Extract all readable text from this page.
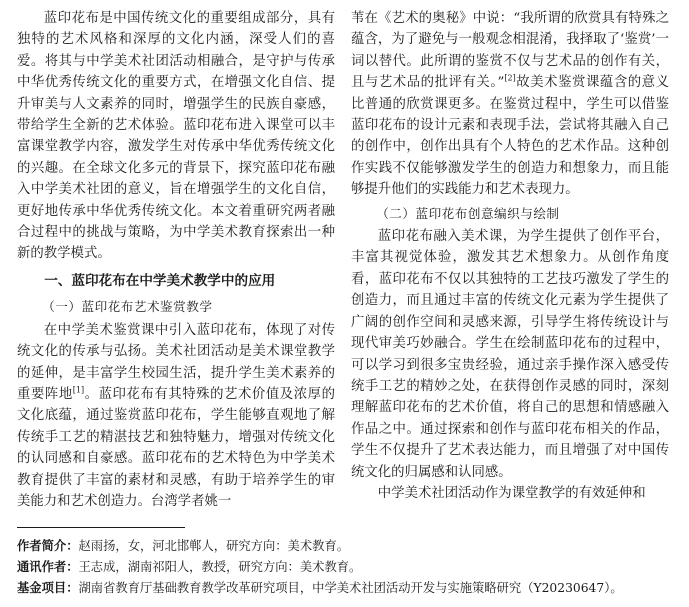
蓝印花布是中国传统文化的重要组成部分，具有独特的艺术风格和深厚的文化内涵，深受人们的喜爱。将其与中学美术社团活动相融合，是守护与传承中华优秀传统文化的重要方式，在增强文化自信、提升审美与人文素养的同时，增强学生的民族自豪感，带给学生全新的艺术体验。蓝印花布进入课堂可以丰富课堂教学内容，激发学生对传承中华优秀传统文化的兴趣。在全球文化多元的背景下，探究蓝印花布融入中学美术社团的意义，旨在增强学生的文化自信，更好地传承中华优秀传统文化。本文着重研究两者融合过程中的挑战与策略，为中学美术教育探索出一种新的教学模式。

一、蓝印花布在中学美术教学中的应用
（一）蓝印花布艺术鉴赏教学

在中学美术鉴赏课中引入蓝印花布，体现了对传统文化的传承与弘扬。美术社团活动是美术课堂教学的延伸，是丰富学生校园生活，提升学生美术素养的重要阵地[1]。蓝印花布有其特殊的艺术价值及浓厚的文化底蕴，通过鉴赏蓝印花布，学生能够直观地了解传统手工艺的精湛技艺和独特魅力，增强对传统文化的认同感和自豪感。蓝印花布的艺术特色为中学美术教育提供了丰富的素材和灵感，有助于培养学生的审美能力和艺术创造力。台湾学者姚一

苇在《艺术的奥秘》中说：“我所谓的欣赏具有特殊之蕴含，为了避免与一般观念相混淆，我择取了‘鉴赏’一词以替代。此所谓的鉴赏不仅与艺术品的创作有关，且与艺术品的批评有关。”[2]故美术鉴赏课蕴含的意义比普通的欣赏课更多。在鉴赏过程中，学生可以借鉴蓝印花布的设计元素和表现手法，尝试将其融入自己的创作中，创作出具有个人特色的艺术作品。这种创作实践不仅能够激发学生的创造力和想象力，而且能够提升他们的实践能力和艺术表现力。

（二）蓝印花布创意编织与绘制

蓝印花布融入美术课，为学生提供了创作平台，丰富其视觉体验，激发其艺术想象力。从创作角度看，蓝印花布不仅以其独特的工艺技巧激发了学生的创造力，而且通过丰富的传统文化元素为学生提供了广阔的创作空间和灵感来源，引导学生将传统设计与现代审美巧妙融合。学生在绘制蓝印花布的过程中，可以学习到很多宝贵经验，通过亲手操作深入感受传统手工艺的精妙之处，在获得创作灵感的同时，深刻理解蓝印花布的艺术价值，将自己的思想和情感融入作品之中。通过探索和创作与蓝印花布相关的作品，学生不仅提升了艺术表达能力，而且增强了对中国传统文化的归属感和认同感。

中学美术社团活动作为课堂教学的有效延伸和

作者简介：赵雨扬，女，河北邯郸人，研究方向：美术教育。
通讯作者：王志成，湖南祁阳人，教授，研究方向：美术教育。
基金项目：湖南省教育厅基础教育教学改革研究项目，中学美术社团活动开发与实施策略研究（Y20230647）。
